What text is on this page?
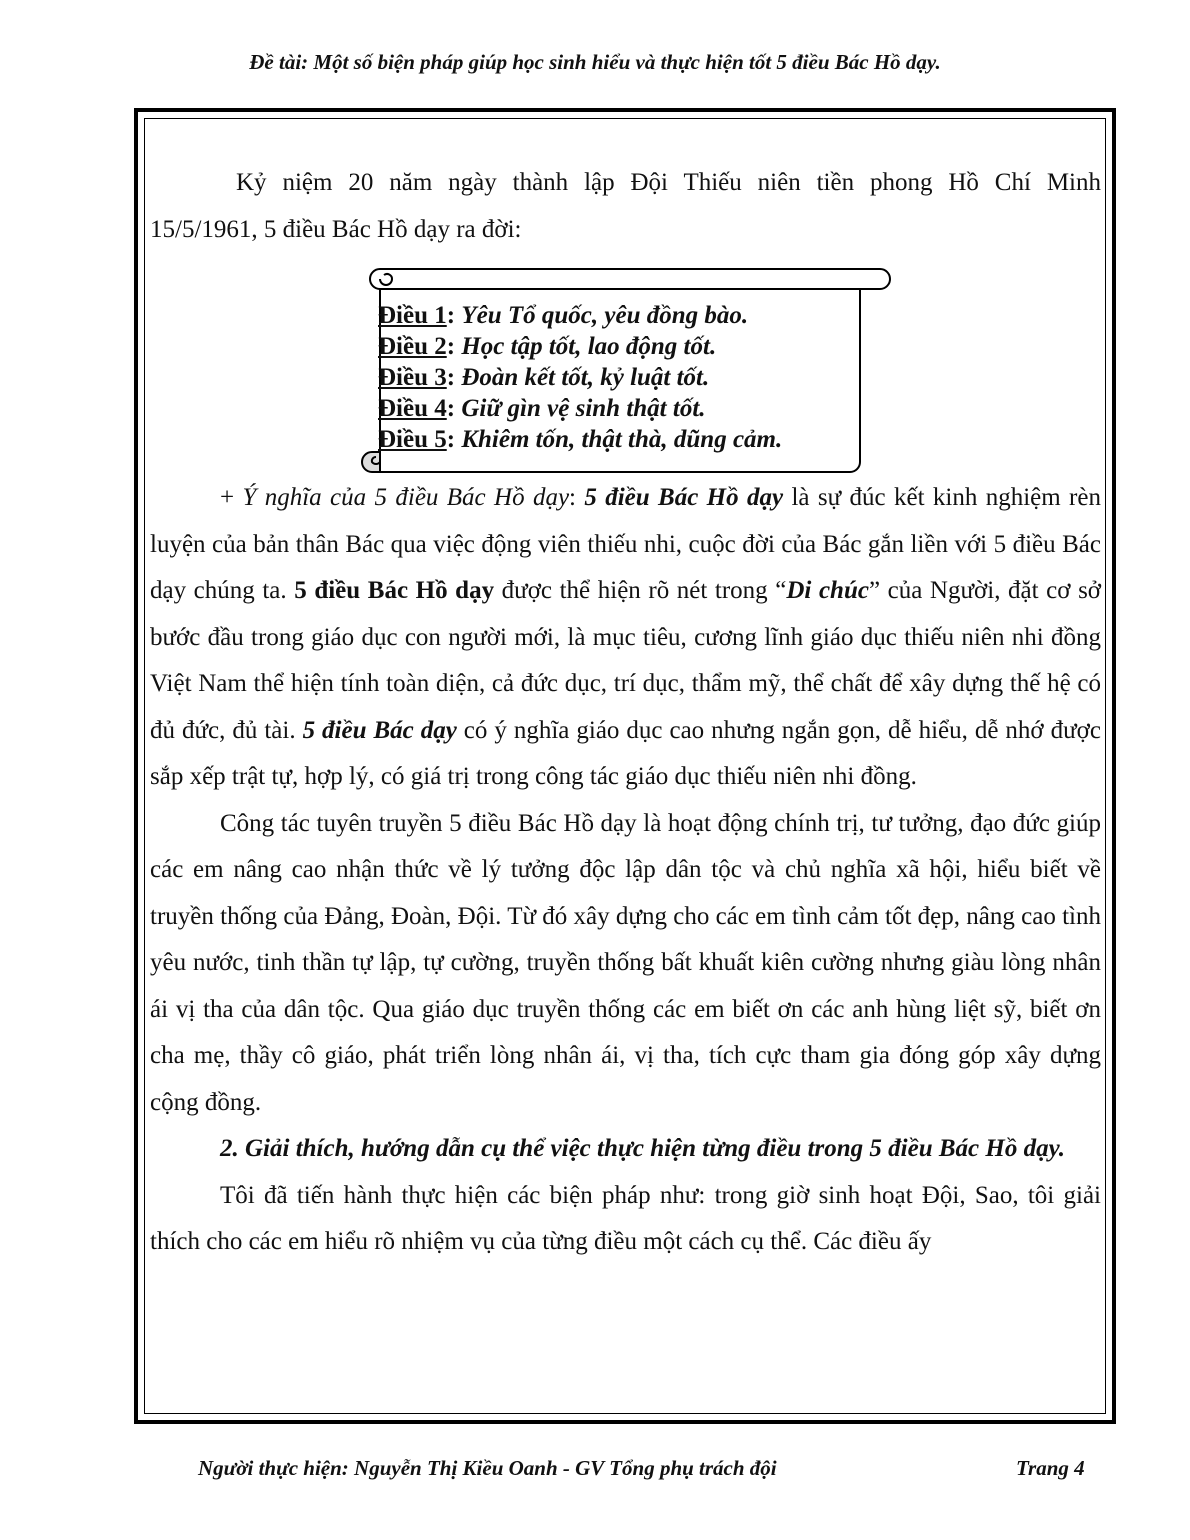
Đề tài: Một số biện pháp giúp học sinh hiểu và thực hiện tốt 5 điều Bác Hồ dạy.

Kỷ niệm 20 năm ngày thành lập Đội Thiếu niên tiền phong Hồ Chí Minh

15/5/1961, 5 điều Bác Hồ dạy ra đời:

+ Ý nghĩa của 5 điều Bác Hồ dạy: 5 điều Bác Hồ dạy là sự đúc kết kinh nghiệm rèn luyện của bản thân Bác qua việc động viên thiếu nhi, cuộc đời của Bác gắn liền với 5 điều Bác dạy chúng ta. 5 điều Bác Hồ dạy được thể hiện rõ nét trong “Di chúc” của Người, đặt cơ sở bước đầu trong giáo dục con người mới, là mục tiêu, cương lĩnh giáo dục thiếu niên nhi đồng Việt Nam thể hiện tính toàn diện, cả đức dục, trí dục, thẩm mỹ, thể chất để xây dựng thế hệ có đủ đức, đủ tài. 5 điều Bác dạy có ý nghĩa giáo dục cao nhưng ngắn gọn, dễ hiểu, dễ nhớ được sắp xếp trật tự, hợp lý, có giá trị trong công tác giáo dục thiếu niên nhi đồng.

Công tác tuyên truyền 5 điều Bác Hồ dạy là hoạt động chính trị, tư tưởng, đạo đức giúp các em nâng cao nhận thức về lý tưởng độc lập dân tộc và chủ nghĩa xã hội, hiểu biết về truyền thống của Đảng, Đoàn, Đội. Từ đó xây dựng cho các em tình cảm tốt đẹp, nâng cao tình yêu nước, tinh thần tự lập, tự cường, truyền thống bất khuất kiên cường nhưng giàu lòng nhân ái vị tha của dân tộc. Qua giáo dục truyền thống các em biết ơn các anh hùng liệt sỹ, biết ơn cha mẹ, thầy cô giáo, phát triển lòng nhân ái, vị tha, tích cực tham gia đóng góp xây dựng cộng đồng.

2. Giải thích, hướng dẫn cụ thể việc thực hiện từng điều trong 5 điều Bác Hồ dạy.

Tôi đã tiến hành thực hiện các biện pháp như: trong giờ sinh hoạt Đội, Sao, tôi giải thích cho các em hiểu rõ nhiệm vụ của từng điều một cách cụ thể. Các điều ấy

Điều 1: Yêu Tổ quốc, yêu đồng bào.
Điều 2: Học tập tốt, lao động tốt.
Điều 3: Đoàn kết tốt, kỷ luật tốt.
Điều 4: Giữ gìn vệ sinh thật tốt.
Điều 5: Khiêm tốn, thật thà, dũng cảm.
Người thực hiện: Nguyễn Thị Kiều Oanh - GV Tổng phụ trách đội	Trang 4
